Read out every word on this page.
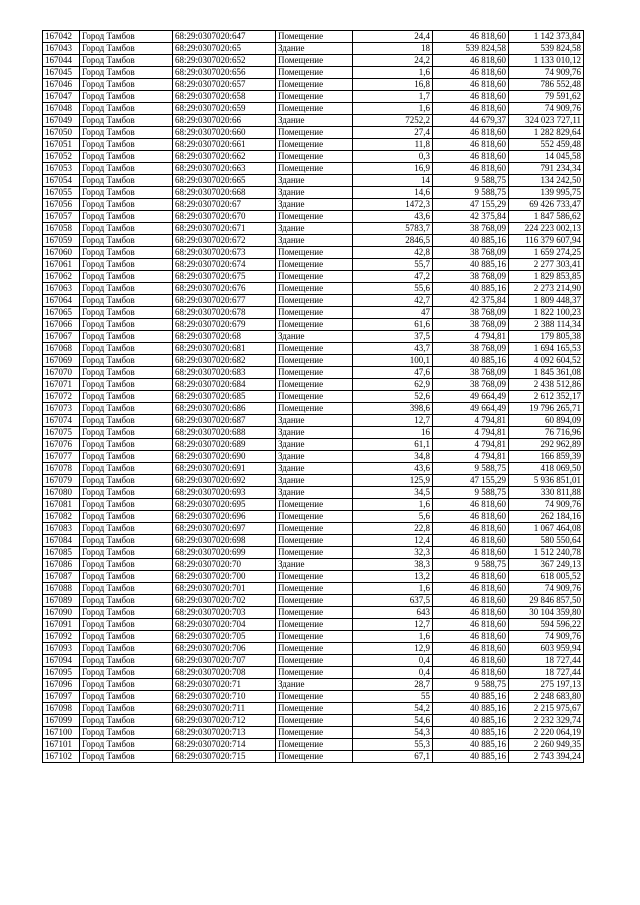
167042	Город Тамбов	68:29:0307020:647	Помещение	24,4	46 818,60	1 142 373,84
167043	Город Тамбов	68:29:0307020:65	Здание	18	539 824,58	539 824,58
167044	Город Тамбов	68:29:0307020:652	Помещение	24,2	46 818,60	1 133 010,12
167045	Город Тамбов	68:29:0307020:656	Помещение	1,6	46 818,60	74 909,76
167046	Город Тамбов	68:29:0307020:657	Помещение	16,8	46 818,60	786 552,48
167047	Город Тамбов	68:29:0307020:658	Помещение	1,7	46 818,60	79 591,62
167048	Город Тамбов	68:29:0307020:659	Помещение	1,6	46 818,60	74 909,76
167049	Город Тамбов	68:29:0307020:66	Здание	7252,2	44 679,37	324 023 727,11
167050	Город Тамбов	68:29:0307020:660	Помещение	27,4	46 818,60	1 282 829,64
167051	Город Тамбов	68:29:0307020:661	Помещение	11,8	46 818,60	552 459,48
167052	Город Тамбов	68:29:0307020:662	Помещение	0,3	46 818,60	14 045,58
167053	Город Тамбов	68:29:0307020:663	Помещение	16,9	46 818,60	791 234,34
167054	Город Тамбов	68:29:0307020:665	Здание	14	9 588,75	134 242,50
167055	Город Тамбов	68:29:0307020:668	Здание	14,6	9 588,75	139 995,75
167056	Город Тамбов	68:29:0307020:67	Здание	1472,3	47 155,29	69 426 733,47
167057	Город Тамбов	68:29:0307020:670	Помещение	43,6	42 375,84	1 847 586,62
167058	Город Тамбов	68:29:0307020:671	Здание	5783,7	38 768,09	224 223 002,13
167059	Город Тамбов	68:29:0307020:672	Здание	2846,5	40 885,16	116 379 607,94
167060	Город Тамбов	68:29:0307020:673	Помещение	42,8	38 768,09	1 659 274,25
167061	Город Тамбов	68:29:0307020:674	Помещение	55,7	40 885,16	2 277 303,41
167062	Город Тамбов	68:29:0307020:675	Помещение	47,2	38 768,09	1 829 853,85
167063	Город Тамбов	68:29:0307020:676	Помещение	55,6	40 885,16	2 273 214,90
167064	Город Тамбов	68:29:0307020:677	Помещение	42,7	42 375,84	1 809 448,37
167065	Город Тамбов	68:29:0307020:678	Помещение	47	38 768,09	1 822 100,23
167066	Город Тамбов	68:29:0307020:679	Помещение	61,6	38 768,09	2 388 114,34
167067	Город Тамбов	68:29:0307020:68	Здание	37,5	4 794,81	179 805,38
167068	Город Тамбов	68:29:0307020:681	Помещение	43,7	38 768,09	1 694 165,53
167069	Город Тамбов	68:29:0307020:682	Помещение	100,1	40 885,16	4 092 604,52
167070	Город Тамбов	68:29:0307020:683	Помещение	47,6	38 768,09	1 845 361,08
167071	Город Тамбов	68:29:0307020:684	Помещение	62,9	38 768,09	2 438 512,86
167072	Город Тамбов	68:29:0307020:685	Помещение	52,6	49 664,49	2 612 352,17
167073	Город Тамбов	68:29:0307020:686	Помещение	398,6	49 664,49	19 796 265,71
167074	Город Тамбов	68:29:0307020:687	Здание	12,7	4 794,81	60 894,09
167075	Город Тамбов	68:29:0307020:688	Здание	16	4 794,81	76 716,96
167076	Город Тамбов	68:29:0307020:689	Здание	61,1	4 794,81	292 962,89
167077	Город Тамбов	68:29:0307020:690	Здание	34,8	4 794,81	166 859,39
167078	Город Тамбов	68:29:0307020:691	Здание	43,6	9 588,75	418 069,50
167079	Город Тамбов	68:29:0307020:692	Здание	125,9	47 155,29	5 936 851,01
167080	Город Тамбов	68:29:0307020:693	Здание	34,5	9 588,75	330 811,88
167081	Город Тамбов	68:29:0307020:695	Помещение	1,6	46 818,60	74 909,76
167082	Город Тамбов	68:29:0307020:696	Помещение	5,6	46 818,60	262 184,16
167083	Город Тамбов	68:29:0307020:697	Помещение	22,8	46 818,60	1 067 464,08
167084	Город Тамбов	68:29:0307020:698	Помещение	12,4	46 818,60	580 550,64
167085	Город Тамбов	68:29:0307020:699	Помещение	32,3	46 818,60	1 512 240,78
167086	Город Тамбов	68:29:0307020:70	Здание	38,3	9 588,75	367 249,13
167087	Город Тамбов	68:29:0307020:700	Помещение	13,2	46 818,60	618 005,52
167088	Город Тамбов	68:29:0307020:701	Помещение	1,6	46 818,60	74 909,76
167089	Город Тамбов	68:29:0307020:702	Помещение	637,5	46 818,60	29 846 857,50
167090	Город Тамбов	68:29:0307020:703	Помещение	643	46 818,60	30 104 359,80
167091	Город Тамбов	68:29:0307020:704	Помещение	12,7	46 818,60	594 596,22
167092	Город Тамбов	68:29:0307020:705	Помещение	1,6	46 818,60	74 909,76
167093	Город Тамбов	68:29:0307020:706	Помещение	12,9	46 818,60	603 959,94
167094	Город Тамбов	68:29:0307020:707	Помещение	0,4	46 818,60	18 727,44
167095	Город Тамбов	68:29:0307020:708	Помещение	0,4	46 818,60	18 727,44
167096	Город Тамбов	68:29:0307020:71	Здание	28,7	9 588,75	275 197,13
167097	Город Тамбов	68:29:0307020:710	Помещение	55	40 885,16	2 248 683,80
167098	Город Тамбов	68:29:0307020:711	Помещение	54,2	40 885,16	2 215 975,67
167099	Город Тамбов	68:29:0307020:712	Помещение	54,6	40 885,16	2 232 329,74
167100	Город Тамбов	68:29:0307020:713	Помещение	54,3	40 885,16	2 220 064,19
167101	Город Тамбов	68:29:0307020:714	Помещение	55,3	40 885,16	2 260 949,35
167102	Город Тамбов	68:29:0307020:715	Помещение	67,1	40 885,16	2 743 394,24
